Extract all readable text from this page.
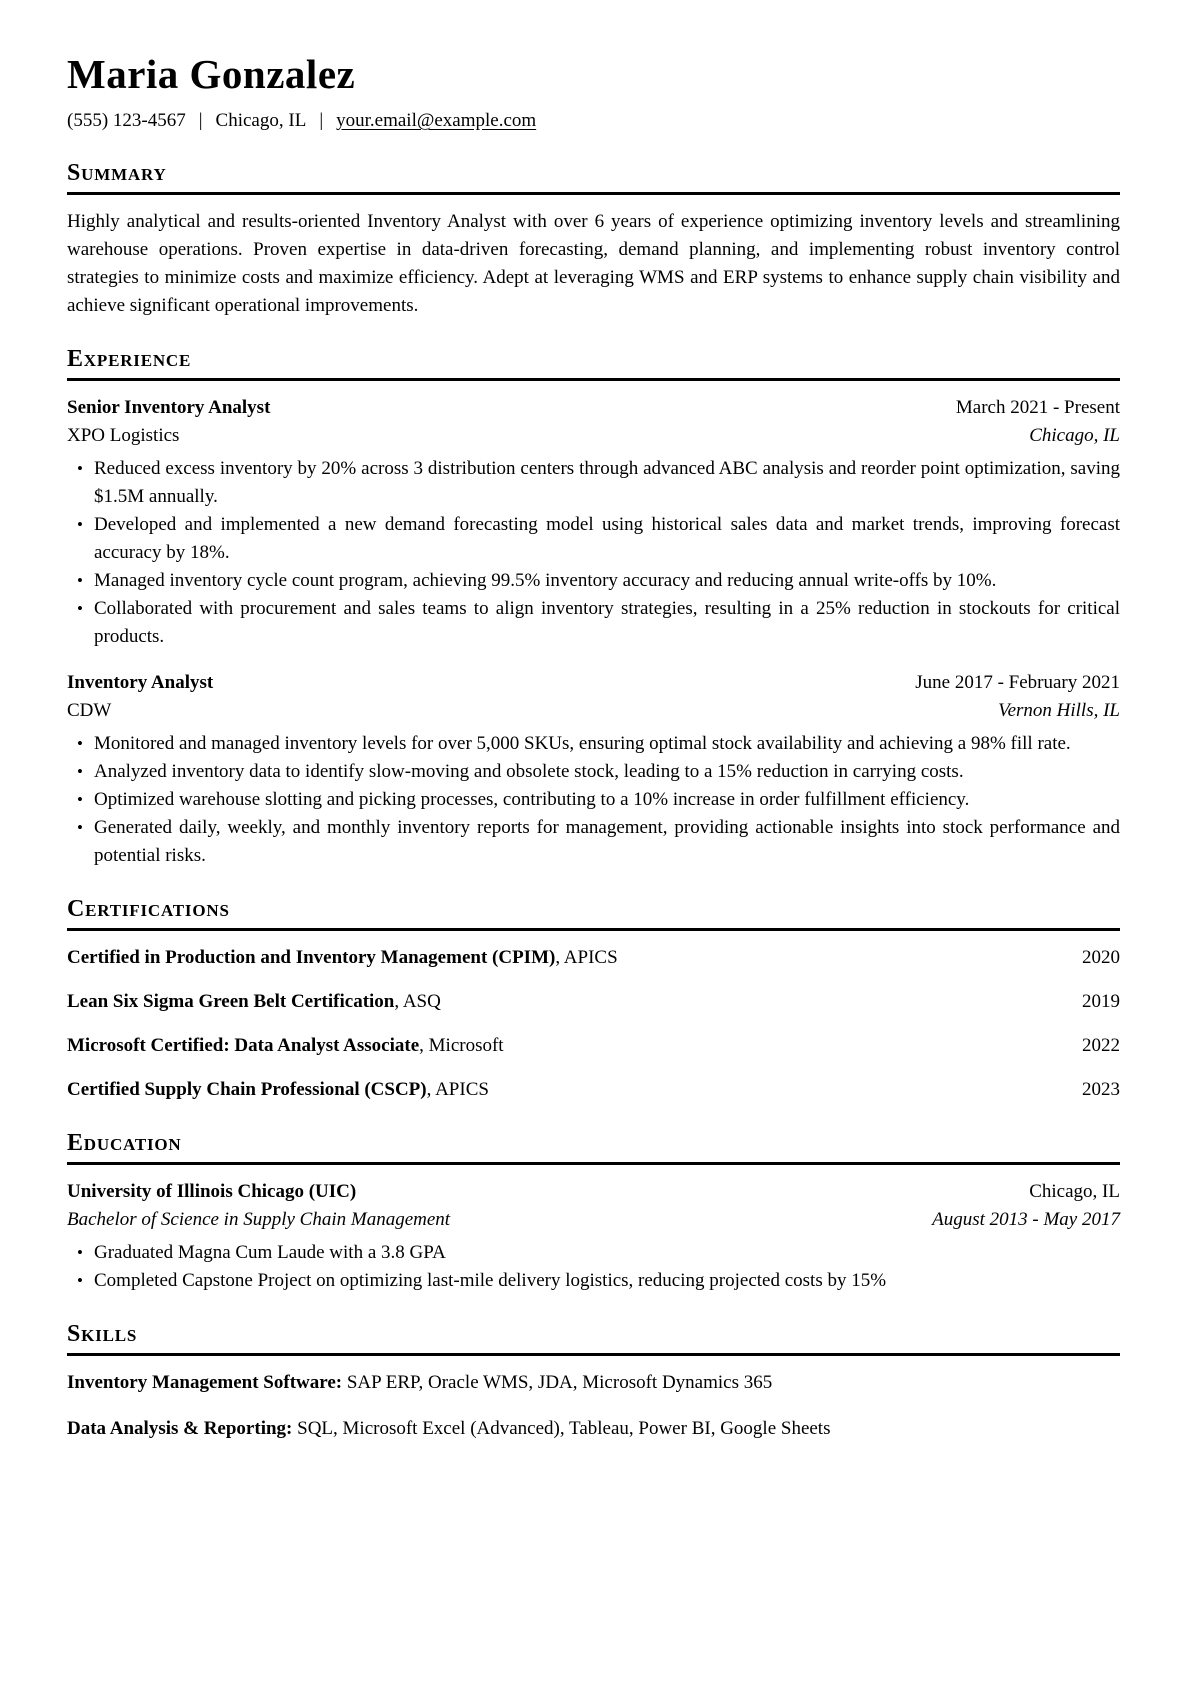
Maria Gonzalez
(555) 123-4567 | Chicago, IL | your.email@example.com
Summary

Highly analytical and results-oriented Inventory Analyst with over 6 years of experience optimizing inventory levels and streamlining warehouse operations. Proven expertise in data-driven forecasting, demand planning, and implementing robust inventory control strategies to minimize costs and maximize efficiency. Adept at leveraging WMS and ERP systems to enhance supply chain visibility and achieve significant operational improvements.

Experience
Senior Inventory Analyst	March 2021 - Present
XPO Logistics	Chicago, IL
• Reduced excess inventory by 20% across 3 distribution centers through advanced ABC analysis and reorder point optimization, saving $1.5M annually.
• Developed and implemented a new demand forecasting model using historical sales data and market trends, improving forecast accuracy by 18%.
• Managed inventory cycle count program, achieving 99.5% inventory accuracy and reducing annual write-offs by 10%.
• Collaborated with procurement and sales teams to align inventory strategies, resulting in a 25% reduction in stockouts for critical products.
Inventory Analyst	June 2017 - February 2021
CDW	Vernon Hills, IL
• Monitored and managed inventory levels for over 5,000 SKUs, ensuring optimal stock availability and achieving a 98% fill rate.
• Analyzed inventory data to identify slow-moving and obsolete stock, leading to a 15% reduction in carrying costs.
• Optimized warehouse slotting and picking processes, contributing to a 10% increase in order fulfillment efficiency.
• Generated daily, weekly, and monthly inventory reports for management, providing actionable insights into stock performance and potential risks.
Certifications
Certified in Production and Inventory Management (CPIM), APICS	2020
Lean Six Sigma Green Belt Certification, ASQ	2019
Microsoft Certified: Data Analyst Associate, Microsoft	2022
Certified Supply Chain Professional (CSCP), APICS	2023
Education
University of Illinois Chicago (UIC)	Chicago, IL
Bachelor of Science in Supply Chain Management	August 2013 - May 2017
• Graduated Magna Cum Laude with a 3.8 GPA
• Completed Capstone Project on optimizing last-mile delivery logistics, reducing projected costs by 15%
Skills
Inventory Management Software: SAP ERP, Oracle WMS, JDA, Microsoft Dynamics 365
Data Analysis & Reporting: SQL, Microsoft Excel (Advanced), Tableau, Power BI, Google Sheets
